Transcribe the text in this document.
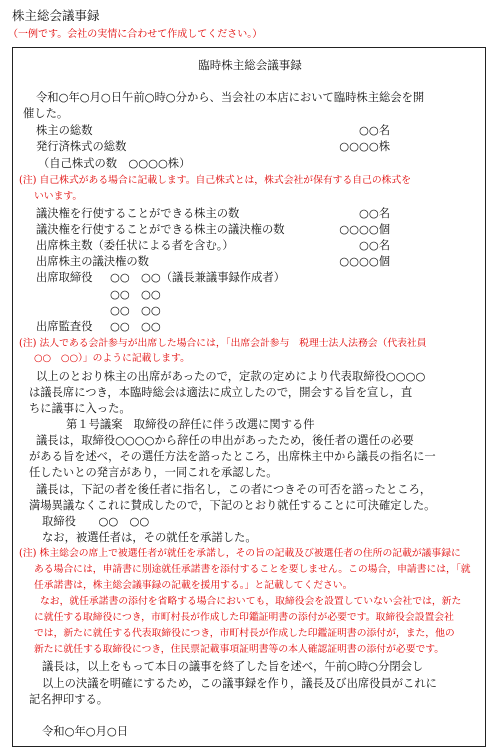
株主総会議事録
（一例です。会社の実情に合わせて作成してください。）
臨時株主総会議事録
令和○年○月○日午前○時○分から、当会社の本店において臨時株主総会を開
催した。
株主の総数	○○名
発行済株式の総数	○○○○株
（自己株式の数　○○○○株）
(注) 自己株式がある場合に記載します。自己株式とは，株式会社が保有する自己の株式を
いいます。
議決権を行使することができる株主の数	○○名
議決権を行使することができる株主の議決権の数	○○○○個
出席株主数（委任状による者を含む。）	○○名
出席株主の議決権の数	○○○○個
出席取締役 ○○　○○（議長兼議事録作成者）
○○　○○
○○　○○
出席監査役 ○○　○○
(注) 法人である会計参与が出席した場合には，「出席会計参与　税理士法人法務会（代表社員
○○　○○）」のように記載します。
以上のとおり株主の出席があったので，定款の定めにより代表取締役○○○○
は議長席につき，本臨時総会は適法に成立したので，開会する旨を宣し，直
ちに議事に入った。
第１号議案　取締役の辞任に伴う改選に関する件
議長は，取締役○○○○から辞任の申出があったため，後任者の選任の必要
がある旨を述べ，その選任方法を諮ったところ，出席株主中から議長の指名に一
任したいとの発言があり，一同これを承認した。
議長は，下記の者を後任者に指名し，この者につきその可否を諮ったところ，
満場異議なくこれに賛成したので，下記のとおり就任することに可決確定した。
取締役　　○○　○○
なお，被選任者は，その就任を承諾した。
(注) 株主総会の席上で被選任者が就任を承諾し，その旨の記載及び被選任者の住所の記載が議事録に
ある場合には，申請書に別途就任承諾書を添付することを要しません。この場合，申請書には，「就
任承諾書は，株主総会議事録の記載を援用する。」と記載してください。
なお，就任承諾書の添付を省略する場合においても，取締役会を設置していない会社では，新た
に就任する取締役につき，市町村長が作成した印鑑証明書の添付が必要です。取締役会設置会社
では，新たに就任する代表取締役につき，市町村長が作成した印鑑証明書の添付が，また，他の
新たに就任する取締役につき，住民票記載事項証明書等の本人確認証明書の添付が必要です。
議長は，以上をもって本日の議事を終了した旨を述べ，午前○時○分閉会し
以上の決議を明確にするため，この議事録を作り，議長及び出席役員がこれに
記名押印する。
令和○年○月○日
